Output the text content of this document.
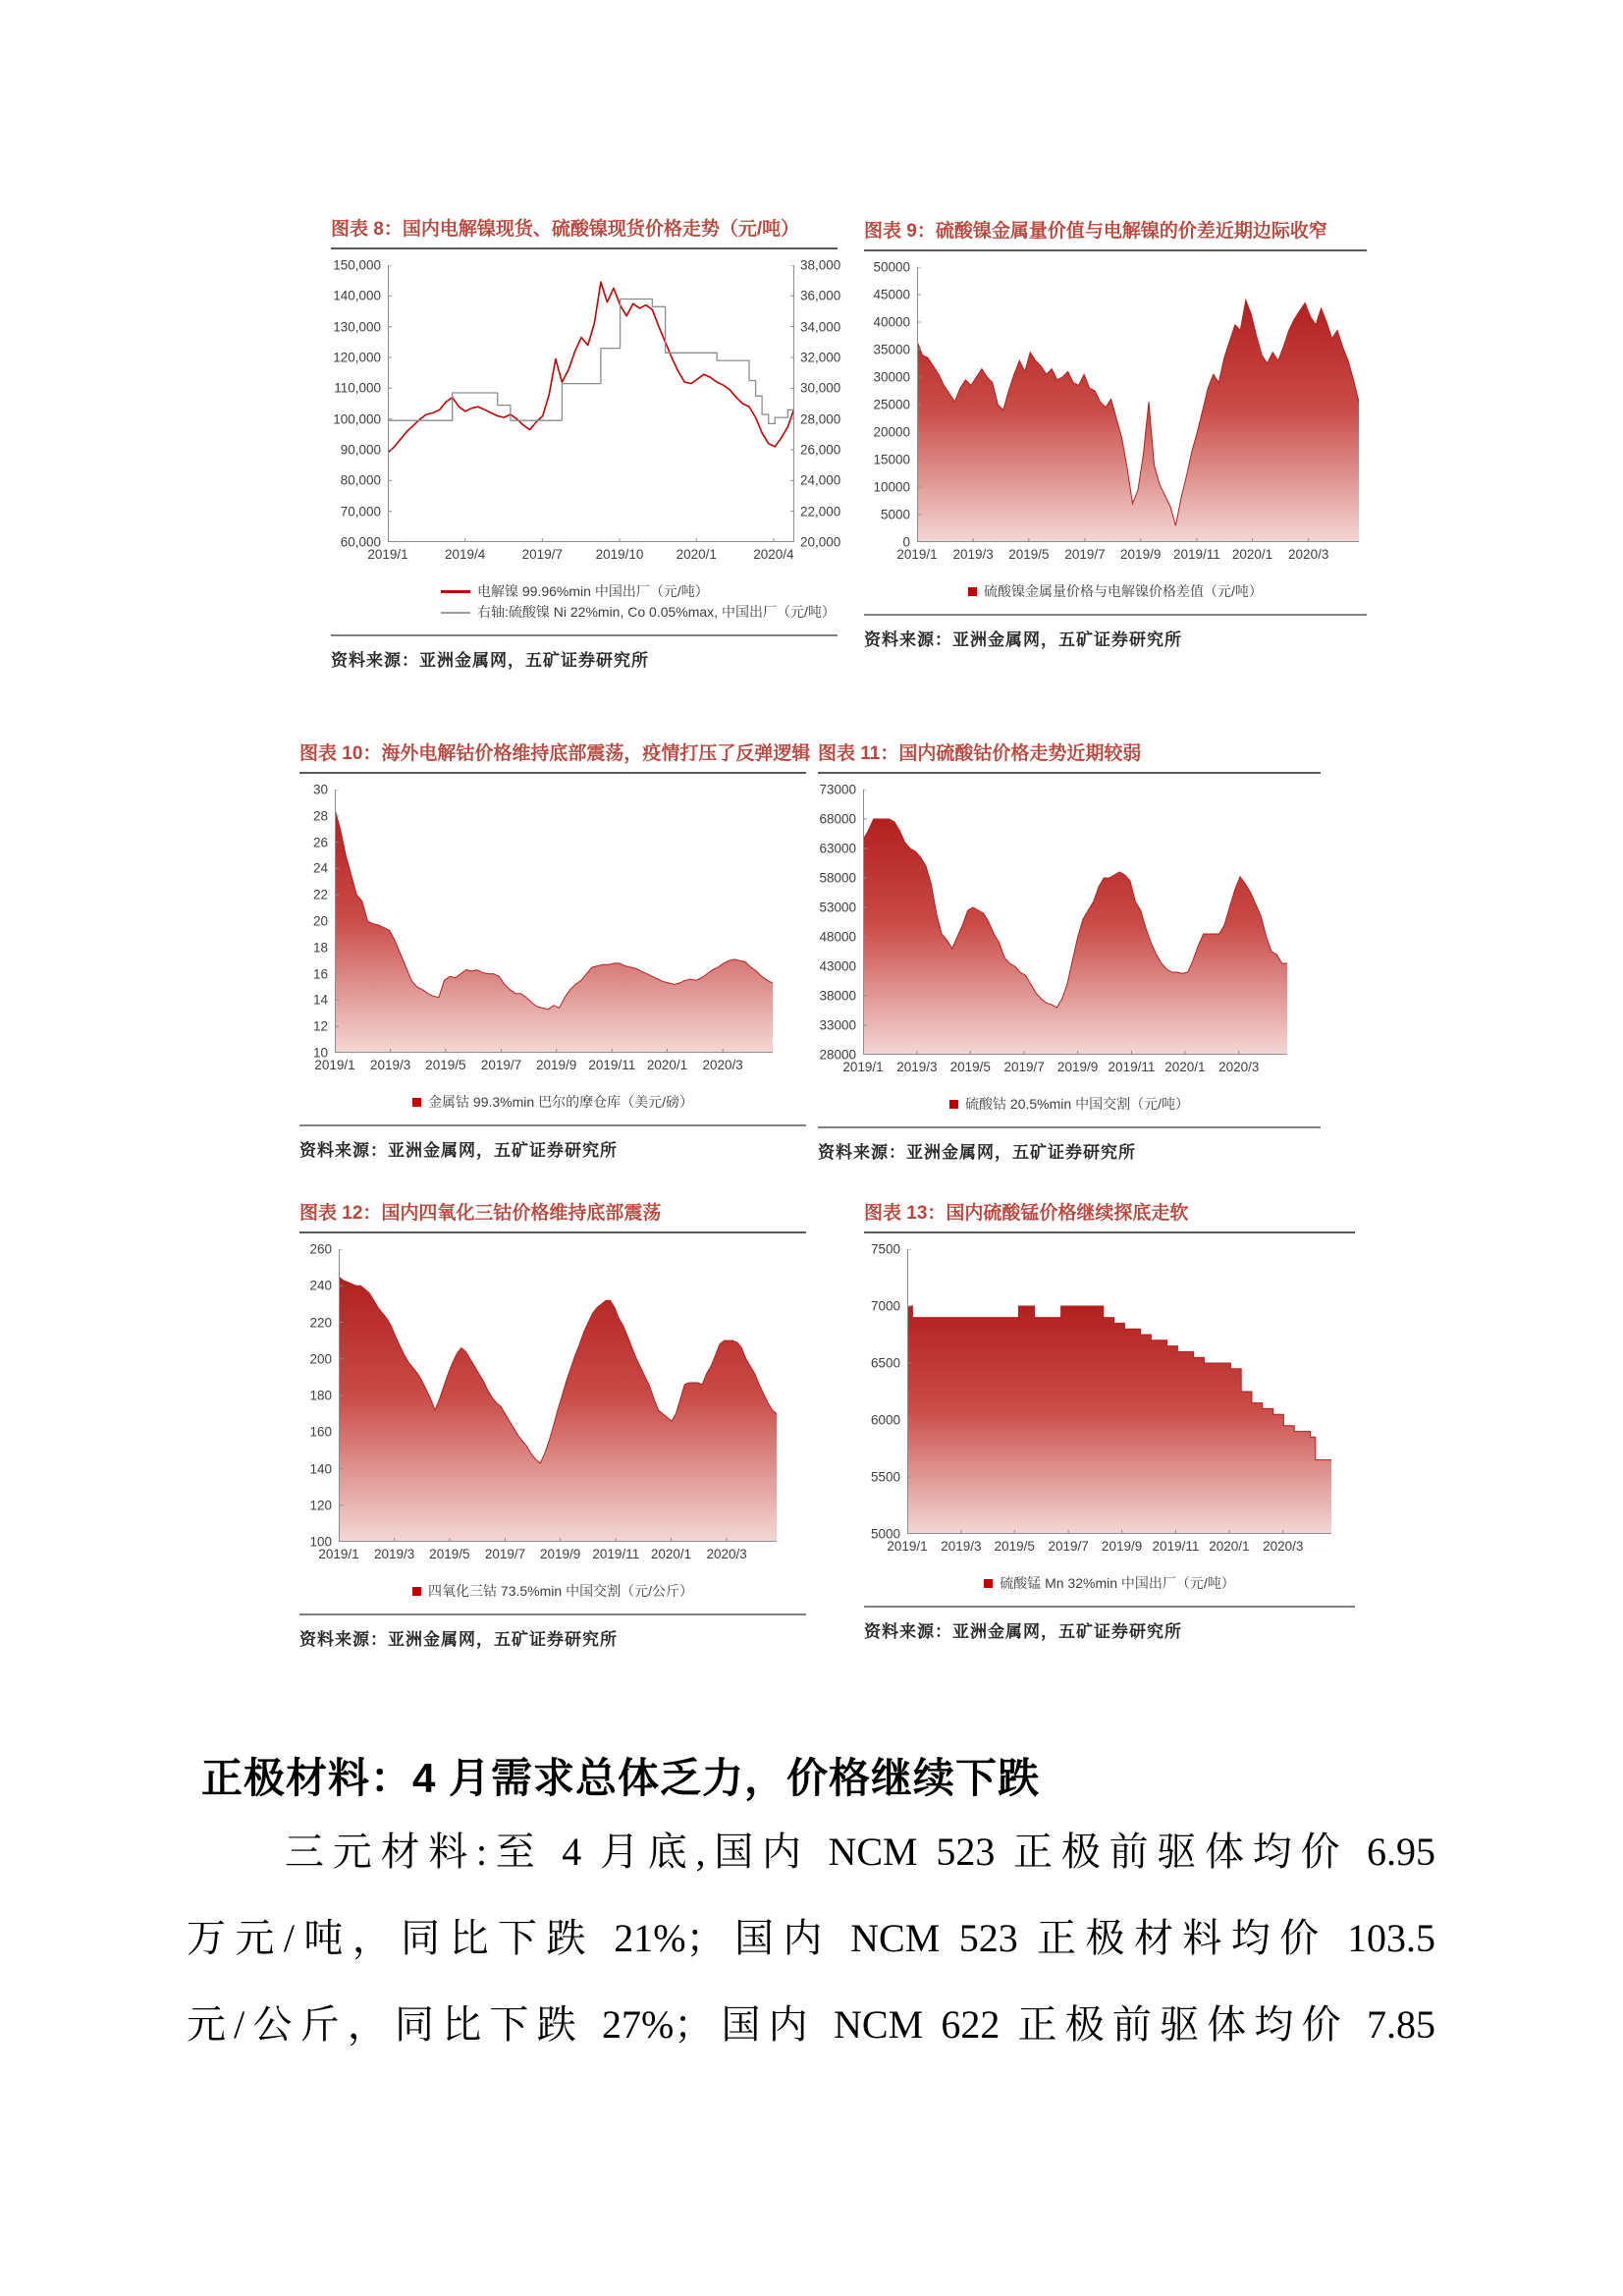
图表 8：国内电解镍现货、硫酸镍现货价格走势（元/吨）
150,000
140,000
130,000
120,000
110,000
100,000
90,000
80,000
70,000
60,000
38,000
36,000
34,000
32,000
30,000
28,000
26,000
24,000
22,000
20,000
2019/1	2019/4	2019/7 2019/10 2020/1	2020/4
电解镍 99.96%min 中国出厂（元/吨）
右轴:硫酸镍 Ni 22%min, Co 0.05%max, 中国出厂（元/吨）
资料来源：亚洲金属网，五矿证券研究所
图表 9：硫酸镍金属量价值与电解镍的价差近期边际收窄
50000
45000
40000
35000
30000
25000
20000
15000
10000
5000
0
2019/1 2019/3 2019/5 2019/7 2019/9 2019/11 2020/1 2020/3
硫酸镍金属量价格与电解镍价格差值（元/吨）
资料来源：亚洲金属网，五矿证券研究所
图表 10：海外电解钴价格维持底部震荡，疫情打压了反弹逻辑
30
28
26
24
22
20
18
16
14
12
10
2019/1 2019/3 2019/5 2019/7 2019/9 2019/11 2020/1 2020/3
金属钴 99.3%min 巴尔的摩仓库（美元/磅）
资料来源：亚洲金属网，五矿证券研究所
图表 11：国内硫酸钴价格走势近期较弱
73000
68000
63000
58000
53000
48000
43000
38000
33000
28000
2019/1 2019/3 2019/5 2019/7 2019/9 2019/11 2020/1 2020/3
硫酸钴 20.5%min 中国交割（元/吨）
资料来源：亚洲金属网，五矿证券研究所
图表 12：国内四氧化三钴价格维持底部震荡
260
240
220
200
180
160
140
120
100
2019/1 2019/3 2019/5 2019/7 2019/9 2019/11 2020/1 2020/3
四氧化三钴 73.5%min 中国交割（元/公斤）
资料来源：亚洲金属网，五矿证券研究所
图表 13：国内硫酸锰价格继续探底走软
7500
7000
6500
6000
5500
5000
2019/1 2019/3 2019/5 2019/7 2019/9 2019/11 2020/1 2020/3
硫酸锰 Mn 32%min 中国出厂（元/吨）
资料来源：亚洲金属网，五矿证券研究所
正极材料：4 月需求总体乏力，价格继续下跌
三元材料:至 4 月底,国内 NCM 523 正极前驱体均价 6.95
万元/吨，同比下跌 21%；国内 NCM 523 正极材料均价 103.5
元/公斤，同比下跌 27%；国内 NCM 622 正极前驱体均价 7.85
